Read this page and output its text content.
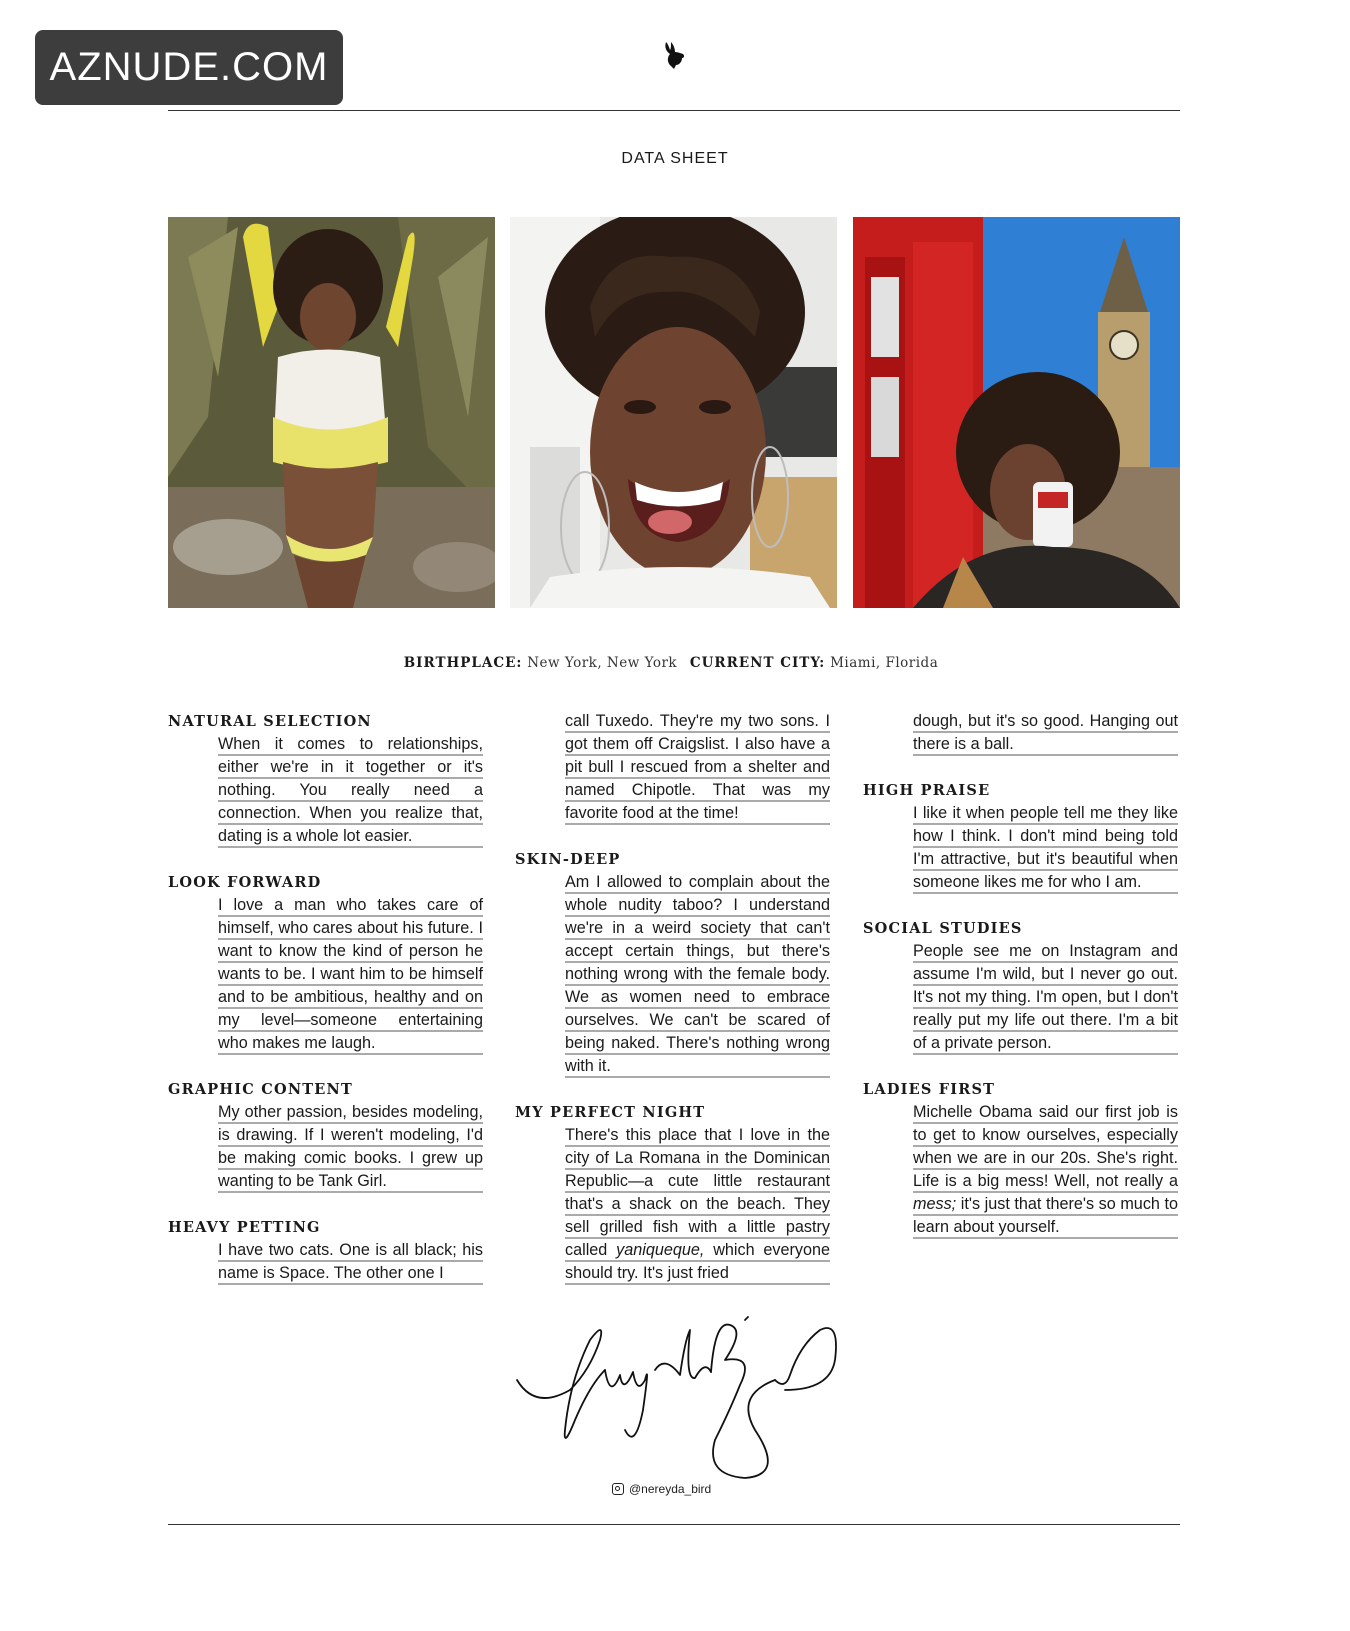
AZNUDE.COM
DATA SHEET
BIRTHPLACE: New York, New York CURRENT CITY: Miami, Florida

NATURAL SELECTION

When it comes to relationships, either we're in it together or it's nothing. You really need a connection. When you realize that, dating is a whole lot easier.

LOOK FORWARD

I love a man who takes care of himself, who cares about his future. I want to know the kind of person he wants to be. I want him to be himself and to be ambitious, healthy and on my level—someone entertaining who makes me laugh.

GRAPHIC CONTENT

My other passion, besides modeling, is drawing. If I weren't modeling, I'd be making comic books. I grew up wanting to be Tank Girl.

HEAVY PETTING

I have two cats. One is all black; his name is Space. The other one I

call Tuxedo. They're my two sons. I got them off Craigslist. I also have a pit bull I rescued from a shelter and named Chipotle. That was my favorite food at the time!

SKIN-DEEP

Am I allowed to complain about the whole nudity taboo? I understand we're in a weird society that can't accept certain things, but there's nothing wrong with the female body. We as women need to embrace ourselves. We can't be scared of being naked. There's nothing wrong with it.

MY PERFECT NIGHT

There's this place that I love in the city of La Romana in the Dominican Republic—a cute little restaurant that's a shack on the beach. They sell grilled fish with a little pastry called yaniqueque, which everyone should try. It's just fried

dough, but it's so good. Hanging out there is a ball.

HIGH PRAISE

I like it when people tell me they like how I think. I don't mind being told I'm attractive, but it's beautiful when someone likes me for who I am.

SOCIAL STUDIES

People see me on Instagram and assume I'm wild, but I never go out. It's not my thing. I'm open, but I don't really put my life out there. I'm a bit of a private person.

LADIES FIRST

Michelle Obama said our first job is to get to know ourselves, especially when we are in our 20s. She's right. Life is a big mess! Well, not really a mess; it's just that there's so much to learn about yourself.

@nereyda_bird
